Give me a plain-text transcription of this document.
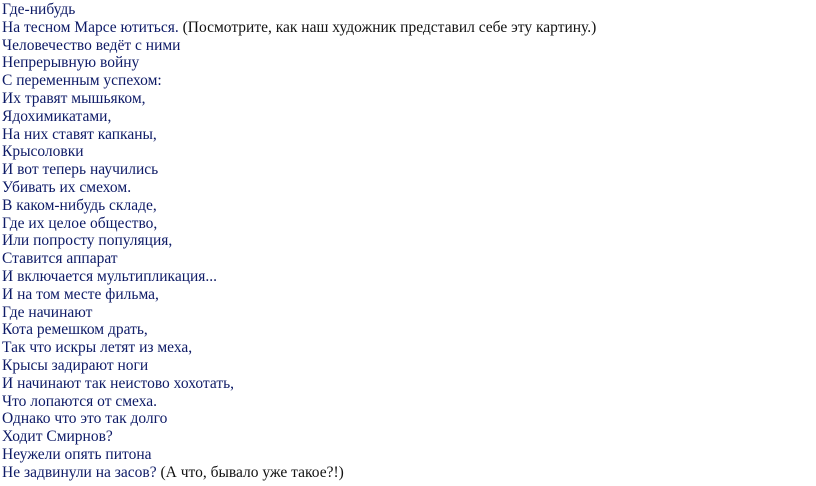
Где-нибудь
На тесном Марсе ютиться. (Посмотрите, как наш художник представил себе эту картину.)
Человечество ведёт с ними
Непрерывную войну
С переменным успехом:
Их травят мышьяком,
Ядохимикатами,
На них ставят капканы,
Крысоловки
И вот теперь научились
Убивать их смехом.
В каком-нибудь складе,
Где их целое общество,
Или попросту популяция,
Ставится аппарат
И включается мультипликация...
И на том месте фильма,
Где начинают
Кота ремешком драть,
Так что искры летят из меха,
Крысы задирают ноги
И начинают так неистово хохотать,
Что лопаются от смеха.
Однако что это так долго
Ходит Смирнов?
Неужели опять питона
Не задвинули на засов? (А что, бывало уже такое?!)
